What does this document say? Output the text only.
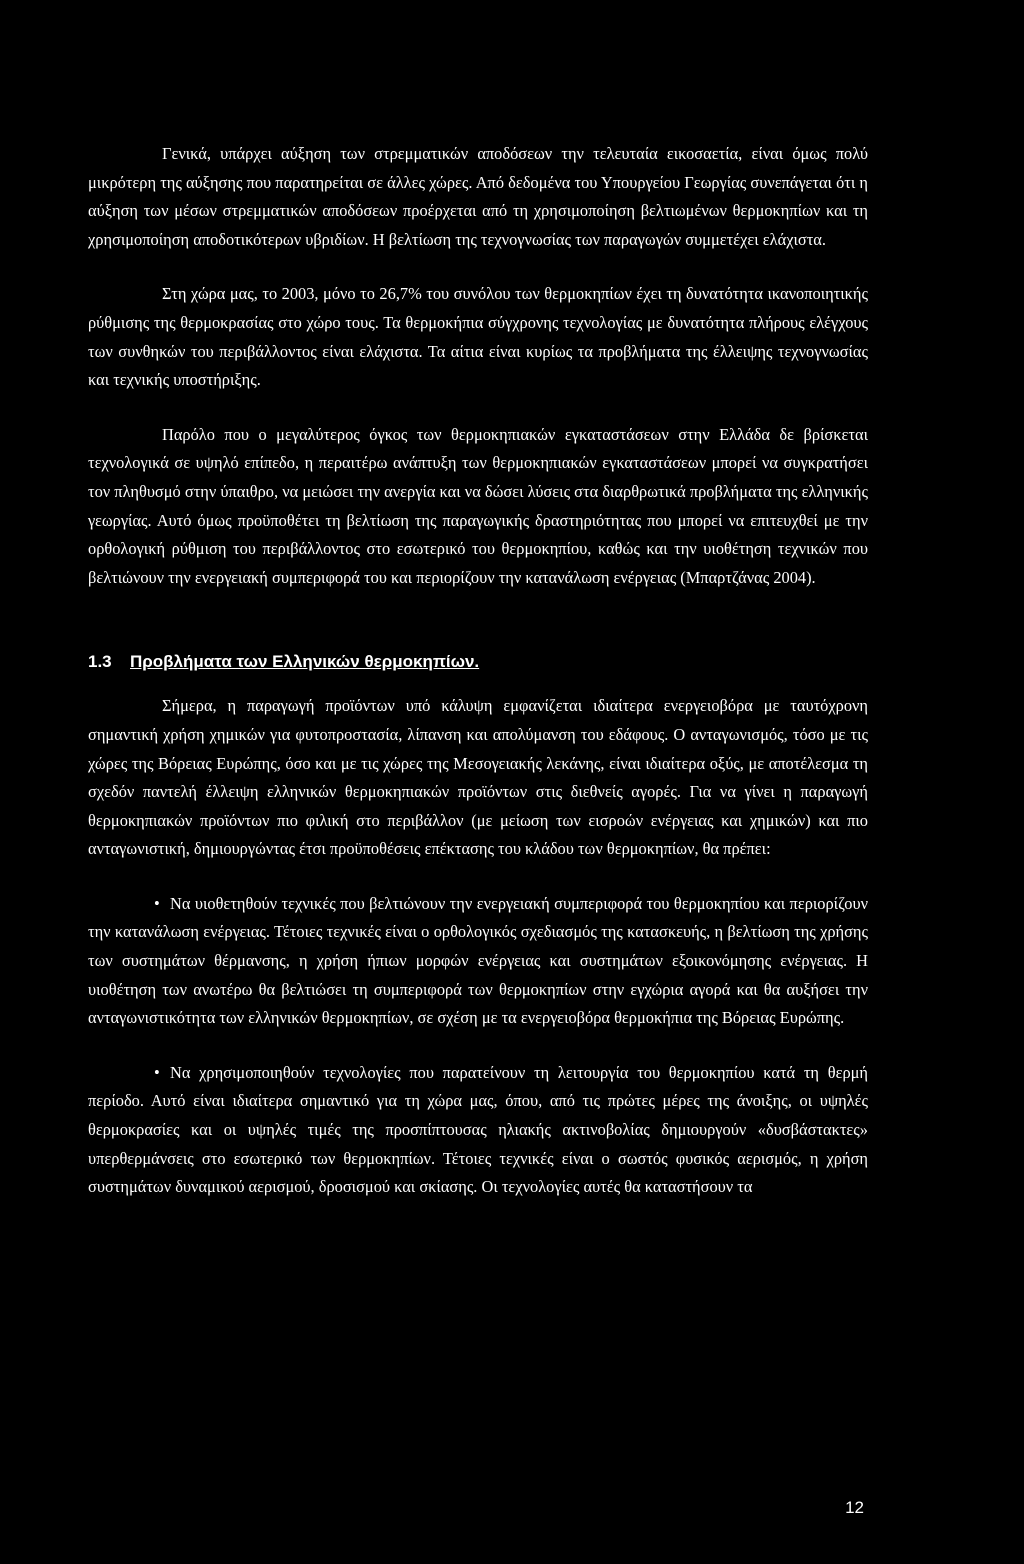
Γενικά, υπάρχει αύξηση των στρεμματικών αποδόσεων την τελευταία εικοσαετία, είναι όμως πολύ μικρότερη της αύξησης που παρατηρείται σε άλλες χώρες. Από δεδομένα του Υπουργείου Γεωργίας συνεπάγεται ότι η αύξηση των μέσων στρεμματικών αποδόσεων προέρχεται από τη χρησιμοποίηση βελτιωμένων θερμοκηπίων και τη χρησιμοποίηση αποδοτικότερων υβριδίων. Η βελτίωση της τεχνογνωσίας των παραγωγών συμμετέχει ελάχιστα.

Στη χώρα μας, το 2003, μόνο το 26,7% του συνόλου των θερμοκηπίων έχει τη δυνατότητα ικανοποιητικής ρύθμισης της θερμοκρασίας στο χώρο τους. Τα θερμοκήπια σύγχρονης τεχνολογίας με δυνατότητα πλήρους ελέγχους των συνθηκών του περιβάλλοντος είναι ελάχιστα. Τα αίτια είναι κυρίως τα προβλήματα της έλλειψης τεχνογνωσίας και τεχνικής υποστήριξης.

Παρόλο που ο μεγαλύτερος όγκος των θερμοκηπιακών εγκαταστάσεων στην Ελλάδα δε βρίσκεται τεχνολογικά σε υψηλό επίπεδο, η περαιτέρω ανάπτυξη των θερμοκηπιακών εγκαταστάσεων μπορεί να συγκρατήσει τον πληθυσμό στην ύπαιθρο, να μειώσει την ανεργία και να δώσει λύσεις στα διαρθρωτικά προβλήματα της ελληνικής γεωργίας. Αυτό όμως προϋποθέτει τη βελτίωση της παραγωγικής δραστηριότητας που μπορεί να επιτευχθεί με την ορθολογική ρύθμιση του περιβάλλοντος στο εσωτερικό του θερμοκηπίου, καθώς και την υιοθέτηση τεχνικών που βελτιώνουν την ενεργειακή συμπεριφορά του και περιορίζουν την κατανάλωση ενέργειας (Μπαρτζάνας 2004).

1.3 Προβλήματα των Ελληνικών θερμοκηπίων.

Σήμερα, η παραγωγή προϊόντων υπό κάλυψη εμφανίζεται ιδιαίτερα ενεργειοβόρα με ταυτόχρονη σημαντική χρήση χημικών για φυτοπροστασία, λίπανση και απολύμανση του εδάφους. Ο ανταγωνισμός, τόσο με τις χώρες της Βόρειας Ευρώπης, όσο και με τις χώρες της Μεσογειακής λεκάνης, είναι ιδιαίτερα οξύς, με αποτέλεσμα τη σχεδόν παντελή έλλειψη ελληνικών θερμοκηπιακών προϊόντων στις διεθνείς αγορές. Για να γίνει η παραγωγή θερμοκηπιακών προϊόντων πιο φιλική στο περιβάλλον (με μείωση των εισροών ενέργειας και χημικών) και πιο ανταγωνιστική, δημιουργώντας έτσι προϋποθέσεις επέκτασης του κλάδου των θερμοκηπίων, θα πρέπει:

• Να υιοθετηθούν τεχνικές που βελτιώνουν την ενεργειακή συμπεριφορά του θερμοκηπίου και περιορίζουν την κατανάλωση ενέργειας. Τέτοιες τεχνικές είναι ο ορθολογικός σχεδιασμός της κατασκευής, η βελτίωση της χρήσης των συστημάτων θέρμανσης, η χρήση ήπιων μορφών ενέργειας και συστημάτων εξοικονόμησης ενέργειας. Η υιοθέτηση των ανωτέρω θα βελτιώσει τη συμπεριφορά των θερμοκηπίων στην εγχώρια αγορά και θα αυξήσει την ανταγωνιστικότητα των ελληνικών θερμοκηπίων, σε σχέση με τα ενεργειοβόρα θερμοκήπια της Βόρειας Ευρώπης.

• Να χρησιμοποιηθούν τεχνολογίες που παρατείνουν τη λειτουργία του θερμοκηπίου κατά τη θερμή περίοδο. Αυτό είναι ιδιαίτερα σημαντικό για τη χώρα μας, όπου, από τις πρώτες μέρες της άνοιξης, οι υψηλές θερμοκρασίες και οι υψηλές τιμές της προσπίπτουσας ηλιακής ακτινοβολίας δημιουργούν «δυσβάστακτες» υπερθερμάνσεις στο εσωτερικό των θερμοκηπίων. Τέτοιες τεχνικές είναι ο σωστός φυσικός αερισμός, η χρήση συστημάτων δυναμικού αερισμού, δροσισμού και σκίασης. Οι τεχνολογίες αυτές θα καταστήσουν τα

12
